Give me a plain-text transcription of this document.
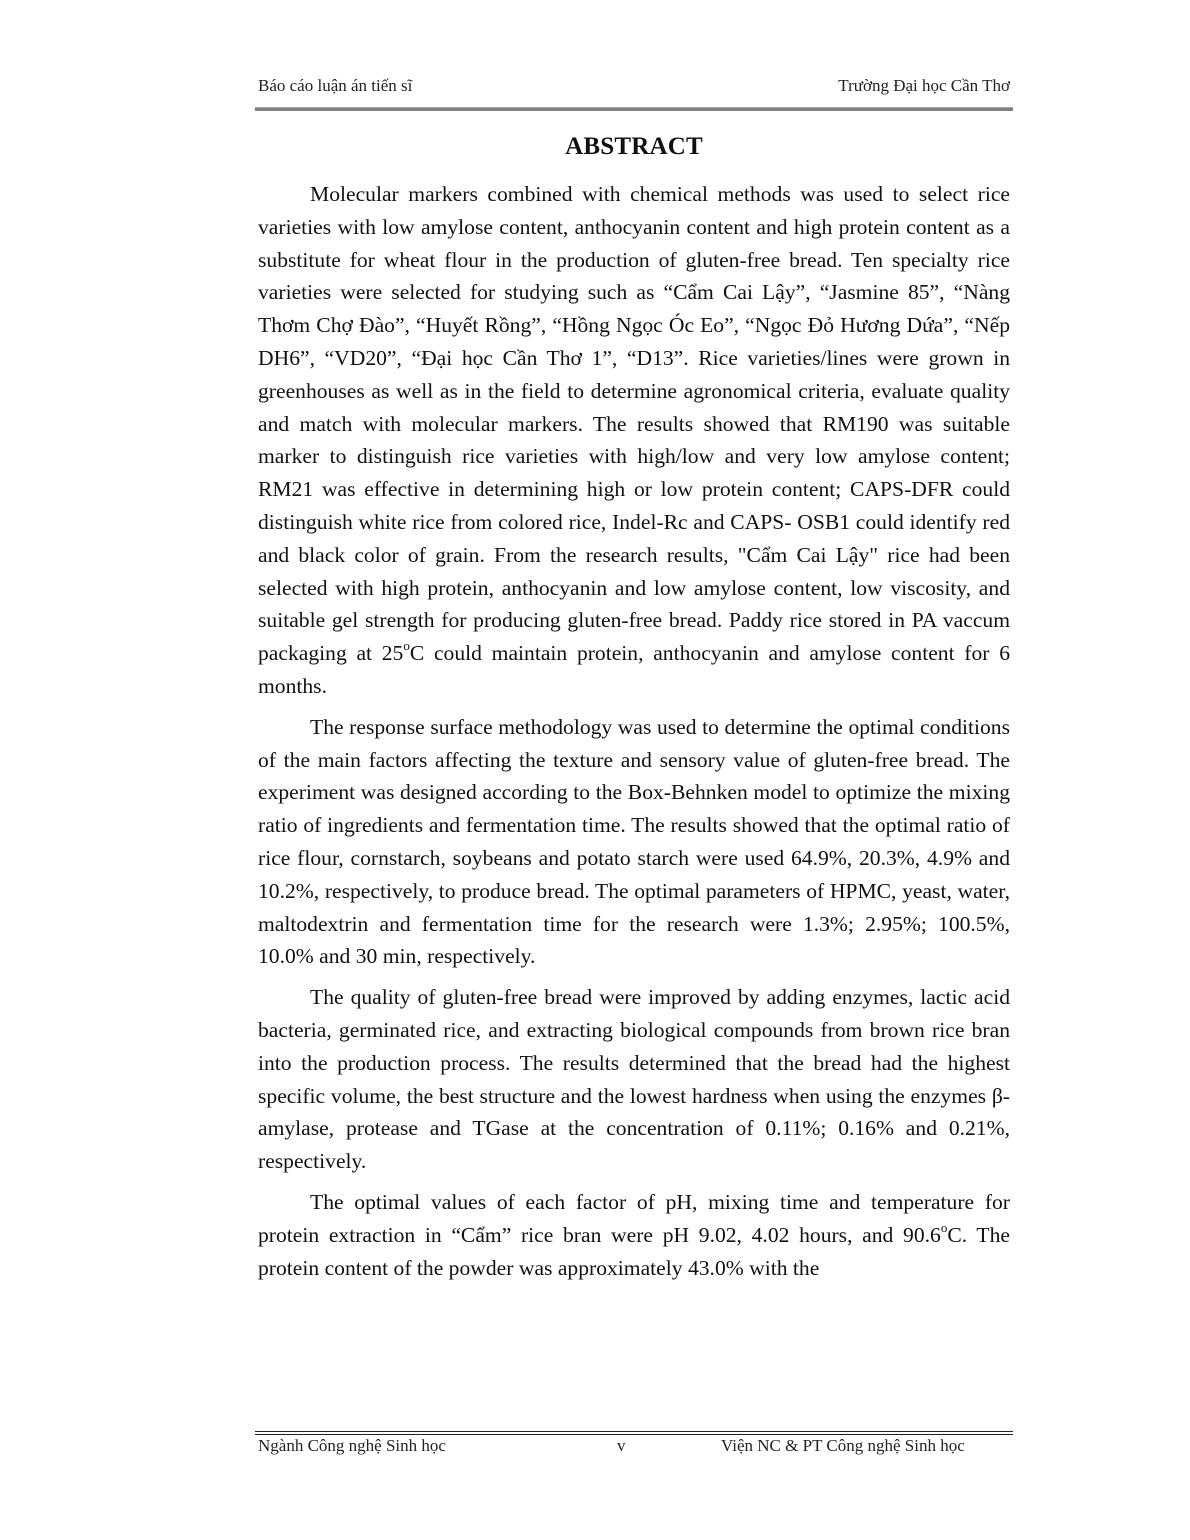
Báo cáo luận án tiến sĩ	Trường Đại học Cần Thơ
ABSTRACT

Molecular markers combined with chemical methods was used to select rice varieties with low amylose content, anthocyanin content and high protein content as a substitute for wheat flour in the production of gluten-free bread. Ten specialty rice varieties were selected for studying such as “Cẩm Cai Lậy”, “Jasmine 85”, “Nàng Thơm Chợ Đào”, “Huyết Rồng”, “Hồng Ngọc Óc Eo”, “Ngọc Đỏ Hương Dứa”, “Nếp DH6”, “VD20”, “Đại học Cần Thơ 1”, “D13”. Rice varieties/lines were grown in greenhouses as well as in the field to determine agronomical criteria, evaluate quality and match with molecular markers. The results showed that RM190 was suitable marker to distinguish rice varieties with high/low and very low amylose content; RM21 was effective in determining high or low protein content; CAPS-DFR could distinguish white rice from colored rice, Indel-Rc and CAPS- OSB1 could identify red and black color of grain. From the research results, "Cẩm Cai Lậy" rice had been selected with high protein, anthocyanin and low amylose content, low viscosity, and suitable gel strength for producing gluten-free bread. Paddy rice stored in PA vaccum packaging at 25$^o$C could maintain protein, anthocyanin and amylose content for 6 months.

The response surface methodology was used to determine the optimal conditions of the main factors affecting the texture and sensory value of gluten-free bread. The experiment was designed according to the Box-Behnken model to optimize the mixing ratio of ingredients and fermentation time. The results showed that the optimal ratio of rice flour, cornstarch, soybeans and potato starch were used 64.9%, 20.3%, 4.9% and 10.2%, respectively, to produce bread. The optimal parameters of HPMC, yeast, water, maltodextrin and fermentation time for the research were 1.3%; 2.95%; 100.5%, 10.0% and 30 min, respectively.

The quality of gluten-free bread were improved by adding enzymes, lactic acid bacteria, germinated rice, and extracting biological compounds from brown rice bran into the production process. The results determined that the bread had the highest specific volume, the best structure and the lowest hardness when using the enzymes β-amylase, protease and TGase at the concentration of 0.11%; 0.16% and 0.21%, respectively.

The optimal values of each factor of pH, mixing time and temperature for protein extraction in “Cẩm” rice bran were pH 9.02, 4.02 hours, and 90.6$^o$C. The protein content of the powder was approximately 43.0% with the

Ngành Công nghệ Sinh học	v	Viện NC & PT Công nghệ Sinh học
